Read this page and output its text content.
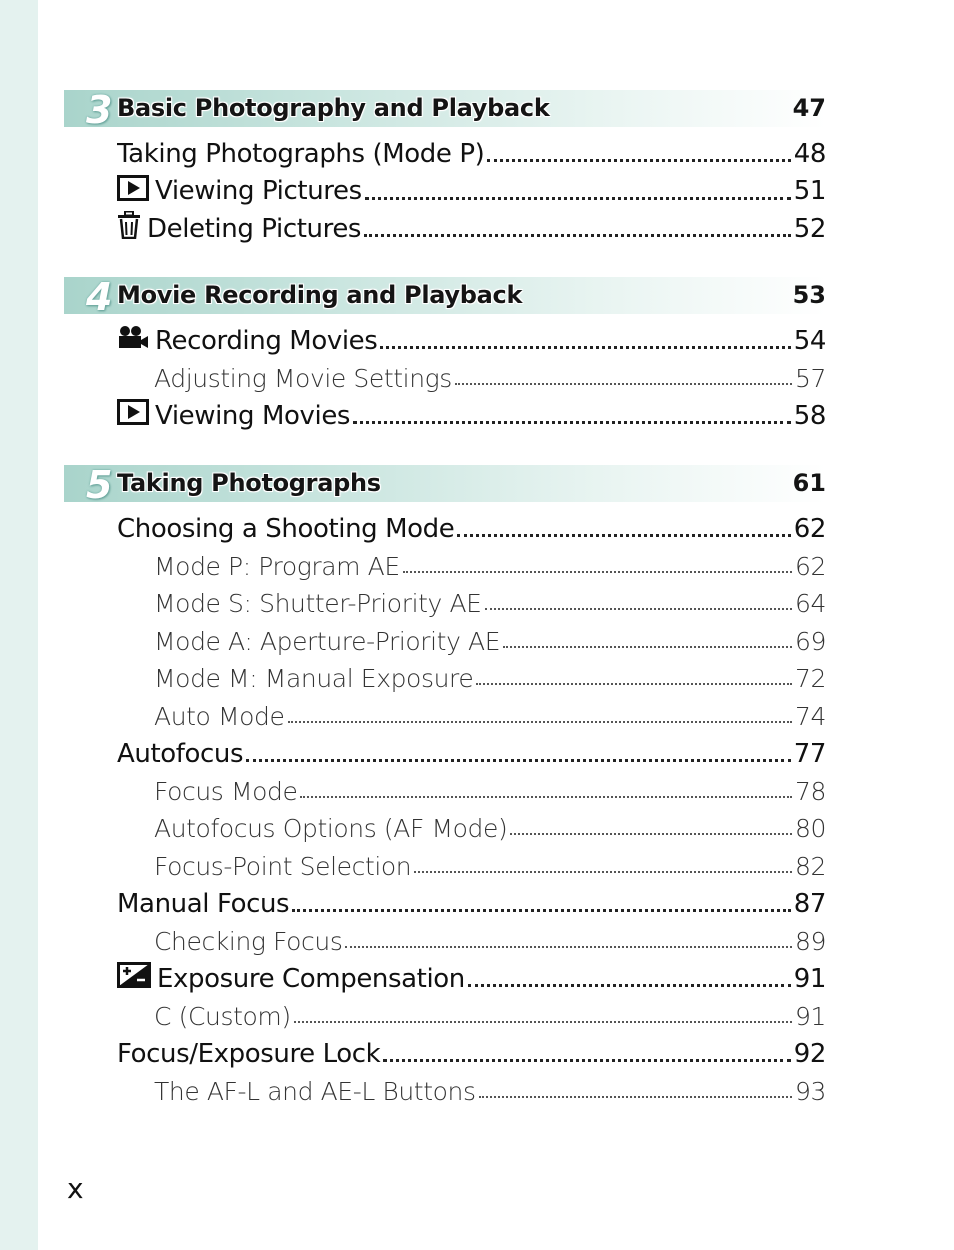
3 Basic Photography and Playback	47
Taking Photographs (Mode P)	48
Viewing Pictures	51
Deleting Pictures	52
4 Movie Recording and Playback	53
Recording Movies	54
Adjusting Movie Settings	57
Viewing Movies	58
5 Taking Photographs	61
Choosing a Shooting Mode	62
Mode P: Program AE	62
Mode S: Shutter-Priority AE	64
Mode A: Aperture-Priority AE	69
Mode M: Manual Exposure	72
Auto Mode	74
Autofocus	77
Focus Mode	78
Autofocus Options (AF Mode)	80
Focus-Point Selection	82
Manual Focus	87
Checking Focus	89
Exposure Compensation	91
C (Custom)	91
Focus/Exposure Lock	92
The AF-L and AE-L Buttons	93
x
